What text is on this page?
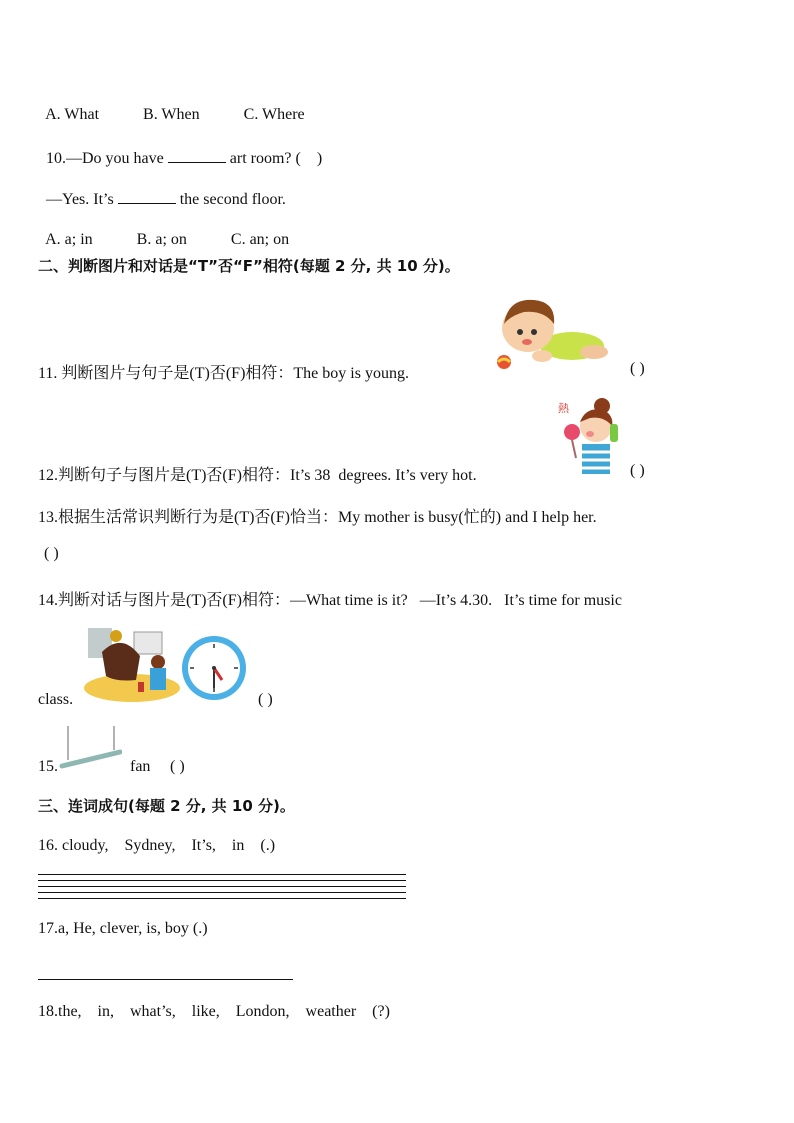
A. What	B. When	C. Where

10.—Do you have	art room? (    )

—Yes. It’s	the second floor.

A. a; in	B. a; on	C. an; on

二、判断图片和对话是“T”否“F”相符(每题 2 分, 共 10 分)。
11. 判断图片与句子是(T)否(F)相符：The boy is young.	( )
熱
12.判断句子与图片是(T)否(F)相符：It’s 38  degrees. It’s very hot.	( )
13.根据生活常识判断行为是(T)否(F)恰当：My mother is busy(忙的) and I help her.
( )
14.判断对话与图片是(T)否(F)相符：—What time is it?   —It’s 4.30.   It’s time for music
class.	( )
15.	fan ( )
三、连词成句(每题 2 分, 共 10 分)。
16. cloudy,    Sydney,    It’s,    in    (.)
17.a, He, clever, is, boy (.)
18.the,    in,    what’s,    like,    London,    weather    (?)
